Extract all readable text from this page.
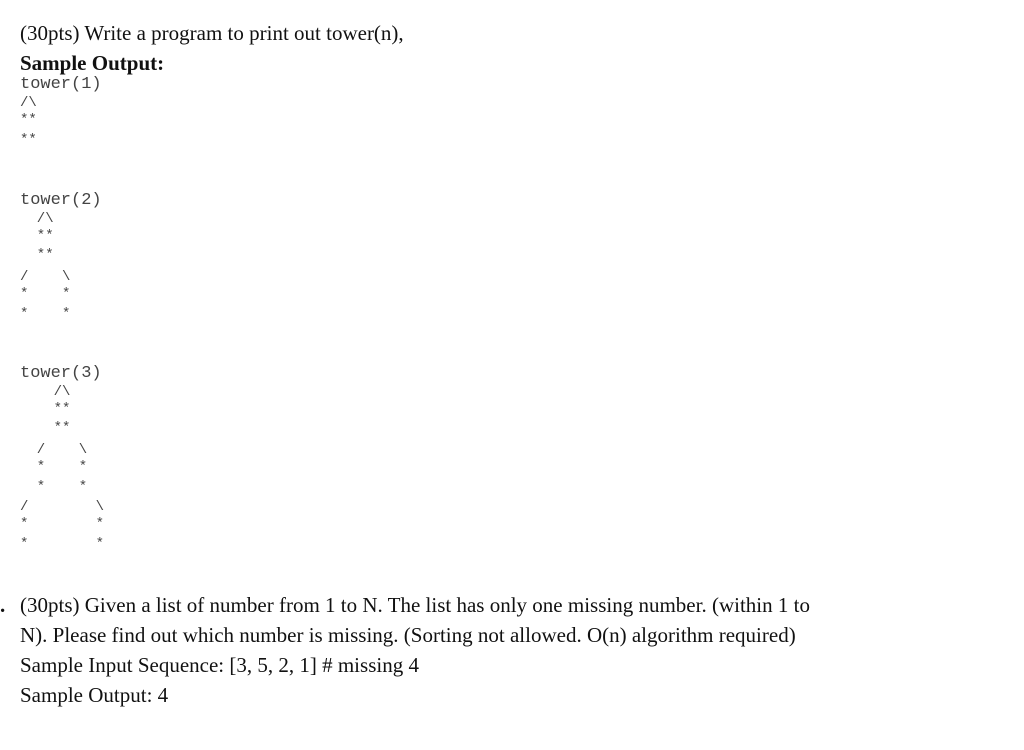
(30pts) Write a program to print out tower(n),
Sample Output:
tower(1)
/\
**
**
tower(2)
/\
**
**
/    \
*    *
*    *
tower(3)
/\
**
**
/    \
*    *
*    *
/        \
*        *
*        *
. (30pts) Given a list of number from 1 to N. The list has only one missing number. (within 1 to
N). Please find out which number is missing. (Sorting not allowed. O(n) algorithm required)
Sample Input Sequence: [3, 5, 2, 1] # missing 4
Sample Output: 4
